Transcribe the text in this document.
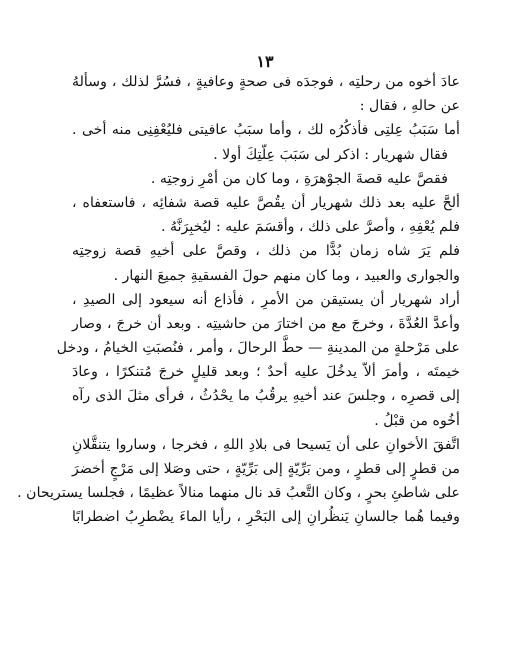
١٣
عادَ أخوه من رحلتِه ، فوجدَه فى صحةٍ وعافيةٍ ، فسُرَّ لذلك ، وسألهُ
عن حالهِ ، فقال :
أما سَبَبُ عِلتِى فأذكُرُه لك ، وأما سبَبُ عافيتى فليُعْفِنِى منه أخى .
فقال شهريار : اذكر لى سَبَبَ عِلّتِكَ أولا .
فقصَّ عليه قصةَ الجوْهرَةِ ، وما كان من أمْرِ زوجتِه .
ألحَّ عليه بعد ذلك شهريار أن يقُصَّ عليه قصة شفائِه ، فاستعفاه ،
فلم يُعْفِهِ ، وأصرَّ على ذلك ، وأقسَمَ عليه : ليُخبِرَنَّهُ .
فلم يَرَ شاه زمان بُدًّا من ذلك ، وقصَّ على أخيهِ قصة زوجتِه
والجوارى والعبيد ، وما كان منهم حولَ الفسقيةِ جميعَ النهار .
أراد شهريار أن يستيقن من الأمرِ ، فأذاع أنه سيعود إلى الصيدِ ،
وأعدَّ العُدَّةَ ، وخرجَ مع من اختارَ من حاشيتِه . وبعد أن خرجَ ، وصار
على مَرْحلةٍ من المدينةِ — حطَّ الرحالَ ، وأمر ، فنُصبَتِ الخيامُ ، ودخل
خيمتَه ، وأمرَ ألاّ يدخُلَ عليه أحدٌ ؛ وبعد قليلٍ خرجَ مُتنكرًا ، وعادَ
إلى قصرِه ، وجلسَ عند أخيهِ يرقُبُ ما يحْدُثُ ، فرأى مثلَ الذى رآه
أخُوه من قبْلُ .
اتَّفقَ الأخوانِ على أن يَسيحا فى بلادِ اللهِ ، فخرجا ، وساروا يتنقَّلانِ
من قطرٍ إلى قطرٍ ، ومن بَرِّيّةٍ إلى بَرِّيّةٍ ، حتى وصَلا إلى مَرْجٍ أخضرَ
على شاطئِ بحرٍ ، وكان التَّعبُ قد نال منهما منالاً عظيمًا ، فجلسا يستريحان .
وفيما هُما جالسانِ يَنظُرانِ إلى البَحْرِ ، رأيا الماءَ يضْطرِبُ اضطرابًا
